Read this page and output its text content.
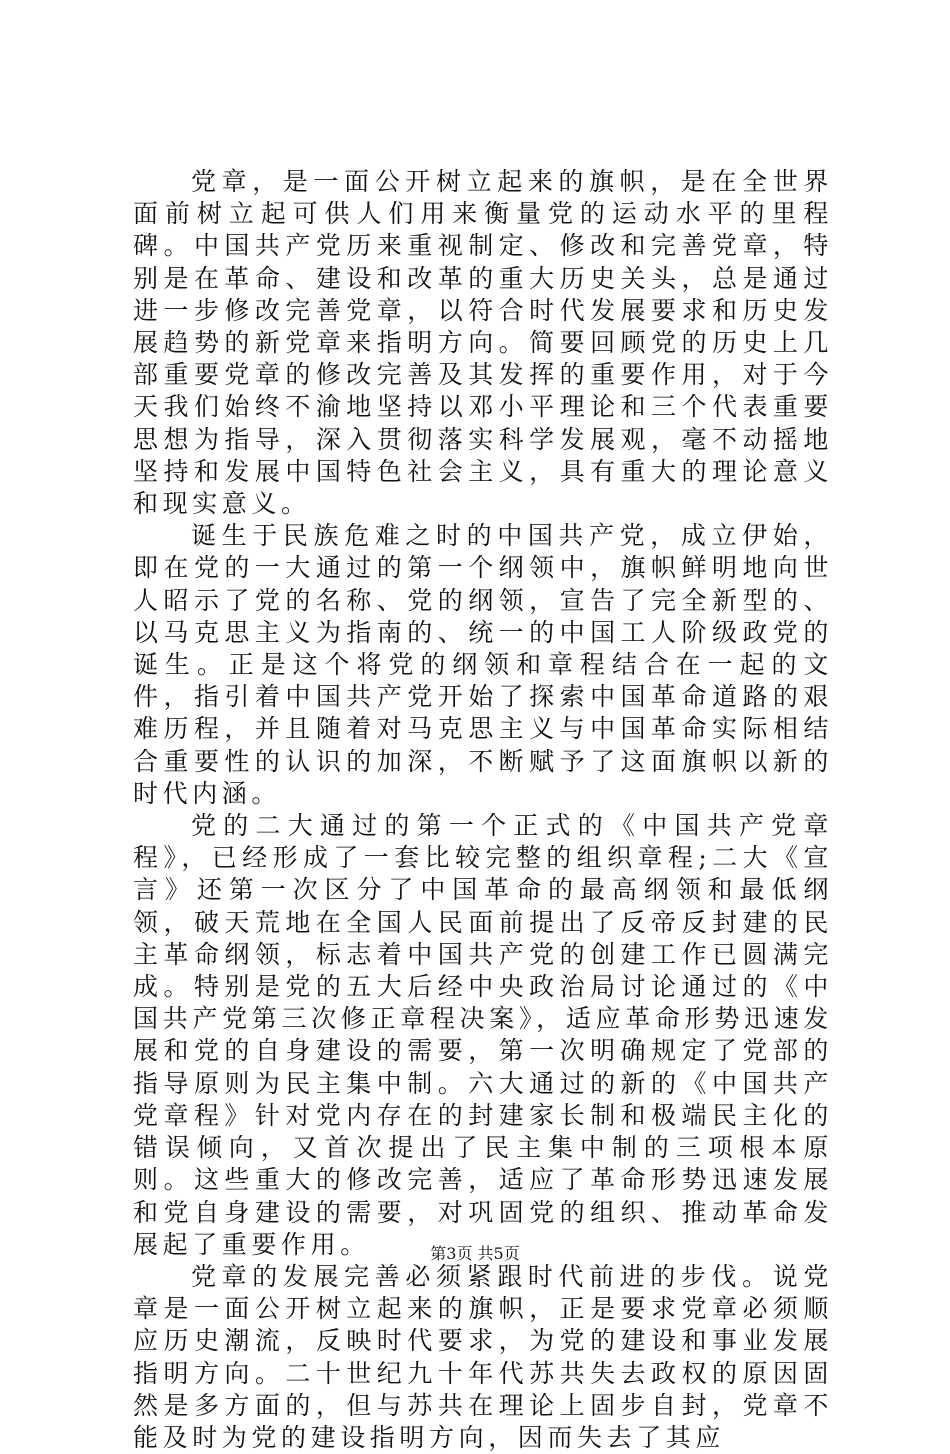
党章，是一面公开树立起来的旗帜，是在全世界面前树立起可供人们用来衡量党的运动水平的里程碑。中国共产党历来重视制定、修改和完善党章，特别是在革命、建设和改革的重大历史关头，总是通过进一步修改完善党章，以符合时代发展要求和历史发展趋势的新党章来指明方向。简要回顾党的历史上几部重要党章的修改完善及其发挥的重要作用，对于今天我们始终不渝地坚持以邓小平理论和三个代表重要思想为指导，深入贯彻落实科学发展观，毫不动摇地坚持和发展中国特色社会主义，具有重大的理论意义和现实意义。

诞生于民族危难之时的中国共产党，成立伊始，即在党的一大通过的第一个纲领中，旗帜鲜明地向世人昭示了党的名称、党的纲领，宣告了完全新型的、以马克思主义为指南的、统一的中国工人阶级政党的诞生。正是这个将党的纲领和章程结合在一起的文件，指引着中国共产党开始了探索中国革命道路的艰难历程，并且随着对马克思主义与中国革命实际相结合重要性的认识的加深，不断赋予了这面旗帜以新的时代内涵。

党的二大通过的第一个正式的《中国共产党章程》，已经形成了一套比较完整的组织章程;二大《宣言》还第一次区分了中国革命的最高纲领和最低纲领，破天荒地在全国人民面前提出了反帝反封建的民主革命纲领，标志着中国共产党的创建工作已圆满完成。特别是党的五大后经中央政治局讨论通过的《中国共产党第三次修正章程决案》，适应革命形势迅速发展和党的自身建设的需要，第一次明确规定了党部的指导原则为民主集中制。六大通过的新的《中国共产党章程》针对党内存在的封建家长制和极端民主化的错误倾向，又首次提出了民主集中制的三项根本原则。这些重大的修改完善，适应了革命形势迅速发展和党自身建设的需要，对巩固党的组织、推动革命发展起了重要作用。

党章的发展完善必须紧跟时代前进的步伐。说党章是一面公开树立起来的旗帜，正是要求党章必须顺应历史潮流，反映时代要求，为党的建设和事业发展指明方向。二十世纪九十年代苏共失去政权的原因固然是多方面的，但与苏共在理论上固步自封，党章不能及时为党的建设指明方向，因而失去了其应

第3页 共5页
